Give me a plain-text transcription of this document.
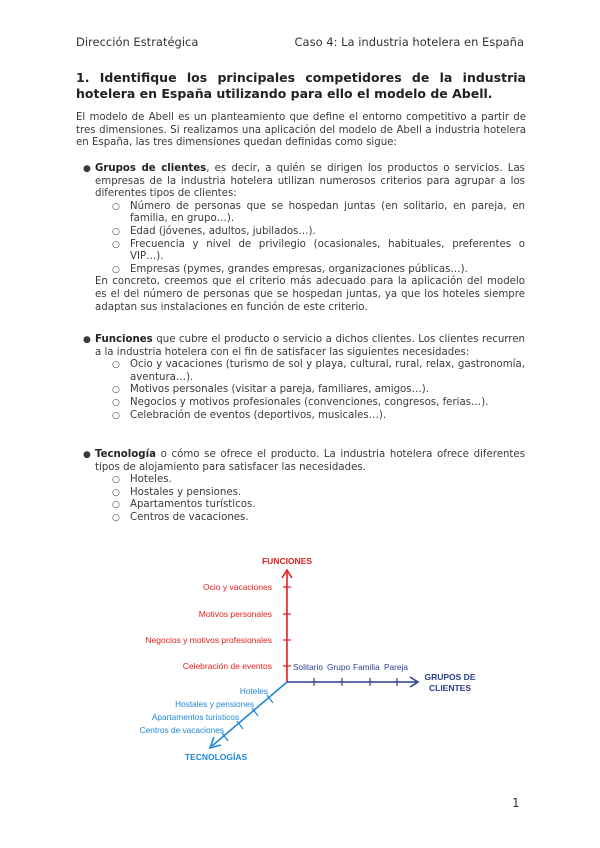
Dirección Estratégica	Caso 4: La industria hotelera en España
1. Identifique los principales competidores de la industria hotelera en España utilizando para ello el modelo de Abell.
El modelo de Abell es un planteamiento que define el entorno competitivo a partir de tres dimensiones. Si realizamos una aplicación del modelo de Abell a industria hotelera en España, las tres dimensiones quedan definidas como sigue:
● Grupos de clientes, es decir, a quién se dirigen los productos o servicios. Las empresas de la industria hotelera utilizan numerosos criterios para agrupar a los diferentes tipos de clientes:

○ Número de personas que se hospedan juntas (en solitario, en pareja, en familia, en grupo…).
○ Edad (jóvenes, adultos, jubilados…).
○ Frecuencia y nivel de privilegio (ocasionales, habituales, preferentes o VIP…).
○ Empresas (pymes, grandes empresas, organizaciones públicas…).

En concreto, creemos que el criterio más adecuado para la aplicación del modelo es el del número de personas que se hospedan juntas, ya que los hoteles siempre adaptan sus instalaciones en función de este criterio.

● Funciones que cubre el producto o servicio a dichos clientes. Los clientes recurren a la industria hotelera con el fin de satisfacer las siguientes necesidades:

○ Ocio y vacaciones (turismo de sol y playa, cultural, rural, relax, gastronomía, aventura…).
○ Motivos personales (visitar a pareja, familiares, amigos…).
○ Negocios y motivos profesionales (convenciones, congresos, ferias…).
○ Celebración de eventos (deportivos, musicales…).
● Tecnología o cómo se ofrece el producto. La industria hotelera ofrece diferentes tipos de alojamiento para satisfacer las necesidades.

○ Hoteles.
○ Hostales y pensiones.
○ Apartamentos turísticos.
○ Centros de vacaciones.
FUNCIONES
Ocio y vacaciones
Motivos personales
Negocios y motivos profesionales
Celebración de eventos	Solitario Grupo Familia Pareja
GRUPOS DE
CLIENTES
Hoteles
Hostales y pensiones
Apartamentos turísticos
Centros de vacaciones
TECNOLOGÍAS
1
